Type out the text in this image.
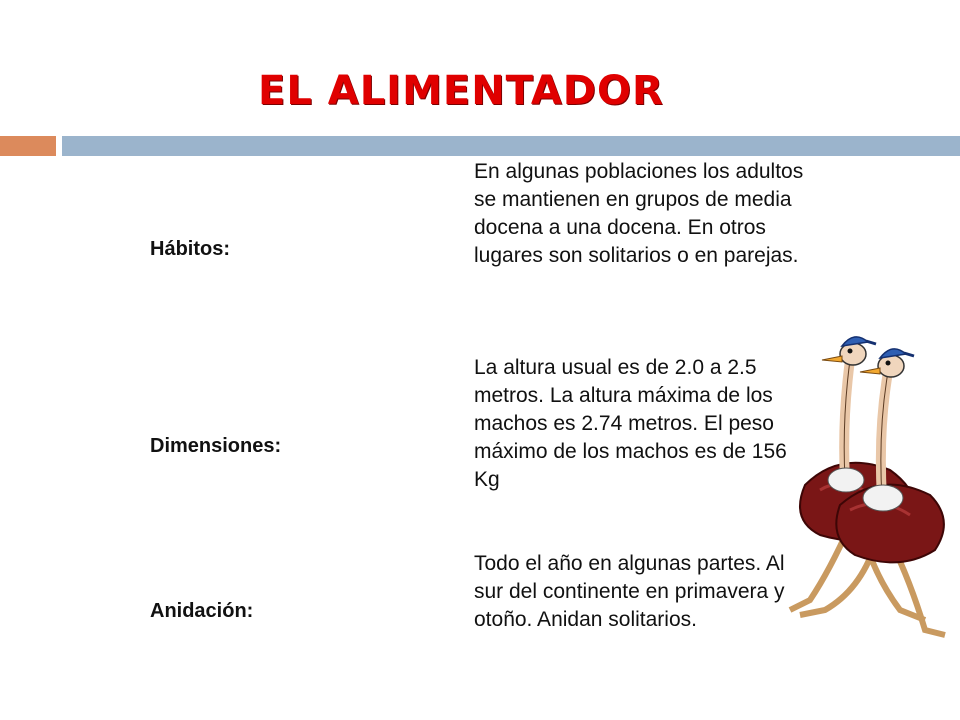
EL ALIMENTADOR
Hábitos:
En algunas poblaciones los adultos se mantienen en grupos de media docena a una docena. En otros lugares son solitarios o en parejas.
Dimensiones:
La altura usual es de 2.0 a 2.5 metros. La altura máxima de los machos es 2.74 metros. El peso máximo de los machos es de 156 Kg
Anidación:
Todo el año en algunas partes. Al sur del continente en primavera y otoño. Anidan solitarios.
